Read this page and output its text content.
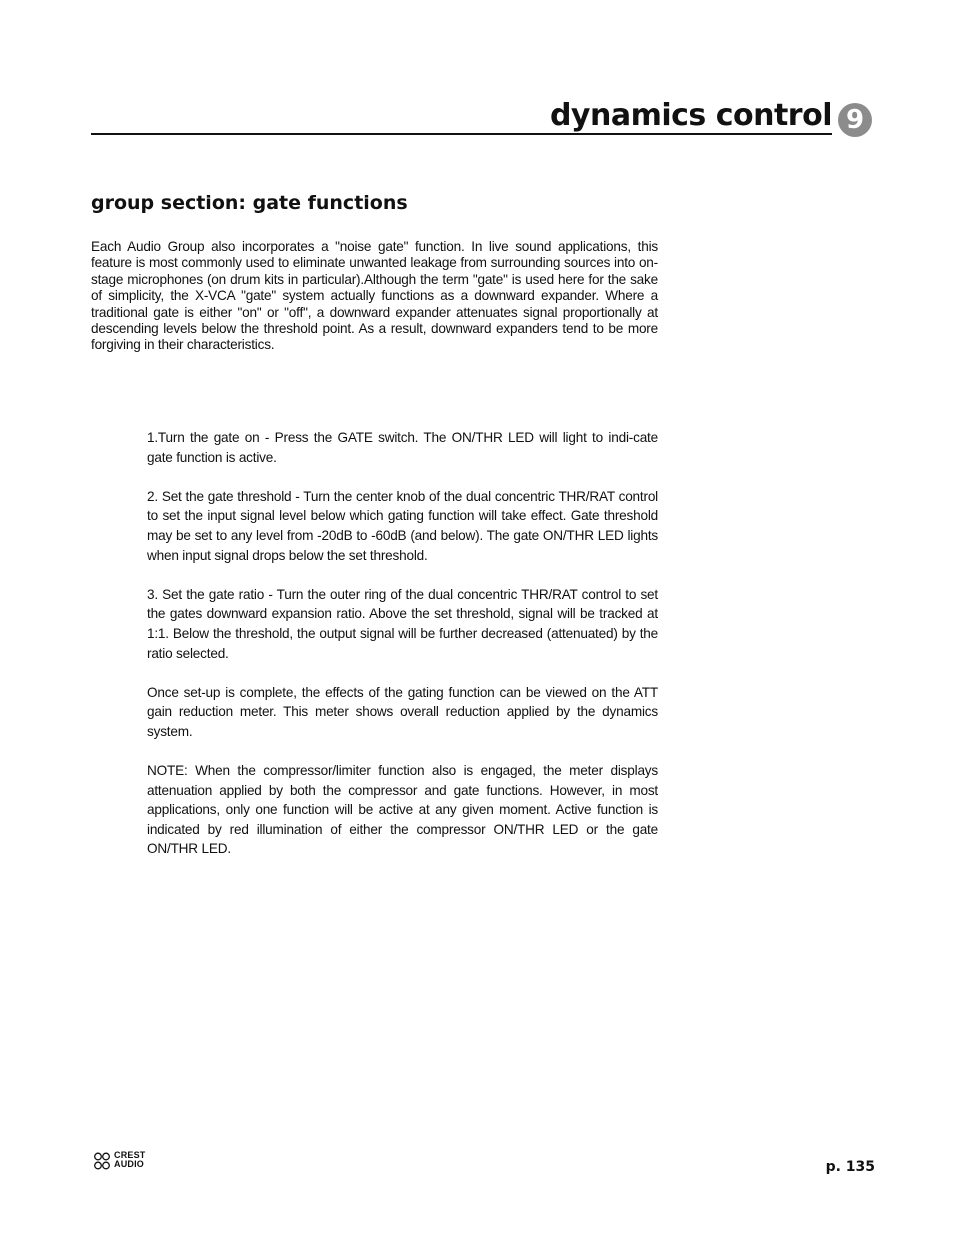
dynamics control 9
group section: gate functions

Each Audio Group also incorporates a "noise gate" function. In live sound applications, this feature is most commonly used to eliminate unwanted leakage from surrounding sources into on-stage microphones (on drum kits in particular).Although the term "gate" is used here for the sake of simplicity, the X-VCA "gate" system actually functions as a downward expander. Where a traditional gate is either "on" or "off", a downward expander attenuates signal proportionally at descending levels below the threshold point. As a result, downward expanders tend to be more forgiving in their characteristics.

1.Turn the gate on - Press the GATE switch. The ON/THR LED will light to indi-cate gate function is active.

2. Set the gate threshold - Turn the center knob of the dual concentric THR/RAT control to set the input signal level below which gating function will take effect. Gate threshold may be set to any level from -20dB to -60dB (and below). The gate ON/THR LED lights when input signal drops below the set threshold.

3. Set the gate ratio - Turn the outer ring of the dual concentric THR/RAT control to set the gates downward expansion ratio. Above the set threshold, signal will be tracked at 1:1. Below the threshold, the output signal will be further decreased (attenuated) by the ratio selected.

Once set-up is complete, the effects of the gating function can be viewed on the ATT gain reduction meter. This meter shows overall reduction applied by the dynamics system.

NOTE: When the compressor/limiter function also is engaged, the meter displays attenuation applied by both the compressor and gate functions. However, in most applications, only one function will be active at any given moment. Active function is indicated by red illumination of either the compressor ON/THR LED or the gate ON/THR LED.

CREST
AUDIO	p. 135
